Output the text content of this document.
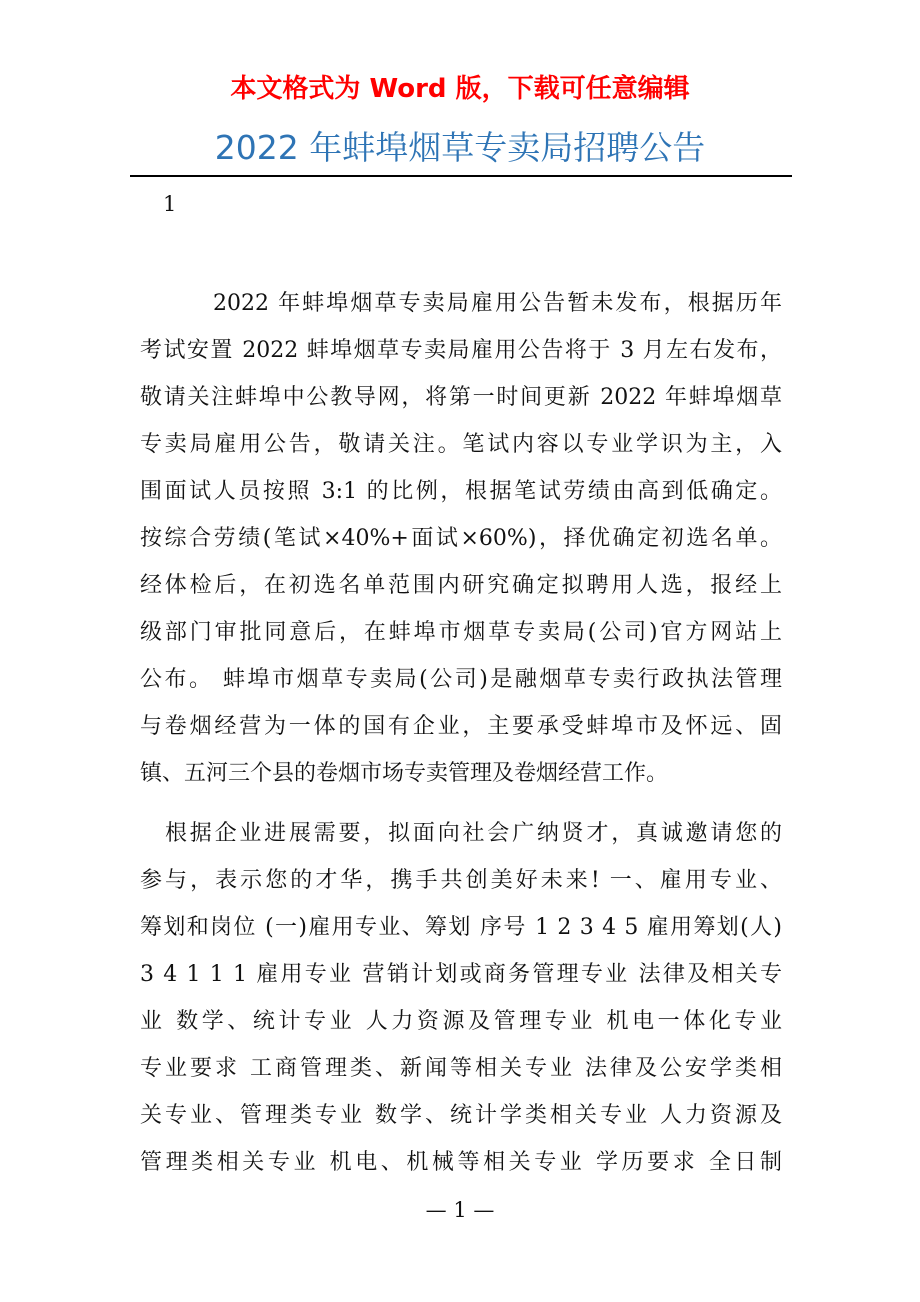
本文格式为 Word 版，下载可任意编辑
2022 年蚌埠烟草专卖局招聘公告
1
2022 年蚌埠烟草专卖局雇用公告暂未发布，根据历年
考试安置 2022 蚌埠烟草专卖局雇用公告将于 3 月左右发布，
敬请关注蚌埠中公教导网，将第一时间更新 2022 年蚌埠烟草
专卖局雇用公告，敬请关注。笔试内容以专业学识为主，入
围面试人员按照 3:1 的比例，根据笔试劳绩由高到低确定。
按综合劳绩(笔试×40%+面试×60%)，择优确定初选名单。
经体检后，在初选名单范围内研究确定拟聘用人选，报经上
级部门审批同意后，在蚌埠市烟草专卖局(公司)官方网站上
公布。 蚌埠市烟草专卖局(公司)是融烟草专卖行政执法管理
与卷烟经营为一体的国有企业，主要承受蚌埠市及怀远、固
镇、五河三个县的卷烟市场专卖管理及卷烟经营工作。
根据企业进展需要，拟面向社会广纳贤才，真诚邀请您的
参与，表示您的才华，携手共创美好未来! 一、雇用专业、
筹划和岗位 (一)雇用专业、筹划 序号 1 2 3 4 5 雇用筹划(人)
3 4 1 1 1 雇用专业 营销计划或商务管理专业 法律及相关专
业 数学、统计专业 人力资源及管理专业 机电一体化专业
专业要求 工商管理类、新闻等相关专业 法律及公安学类相
关专业、管理类专业 数学、统计学类相关专业 人力资源及
管理类相关专业 机电、机械等相关专业 学历要求 全日制
— 1 —
